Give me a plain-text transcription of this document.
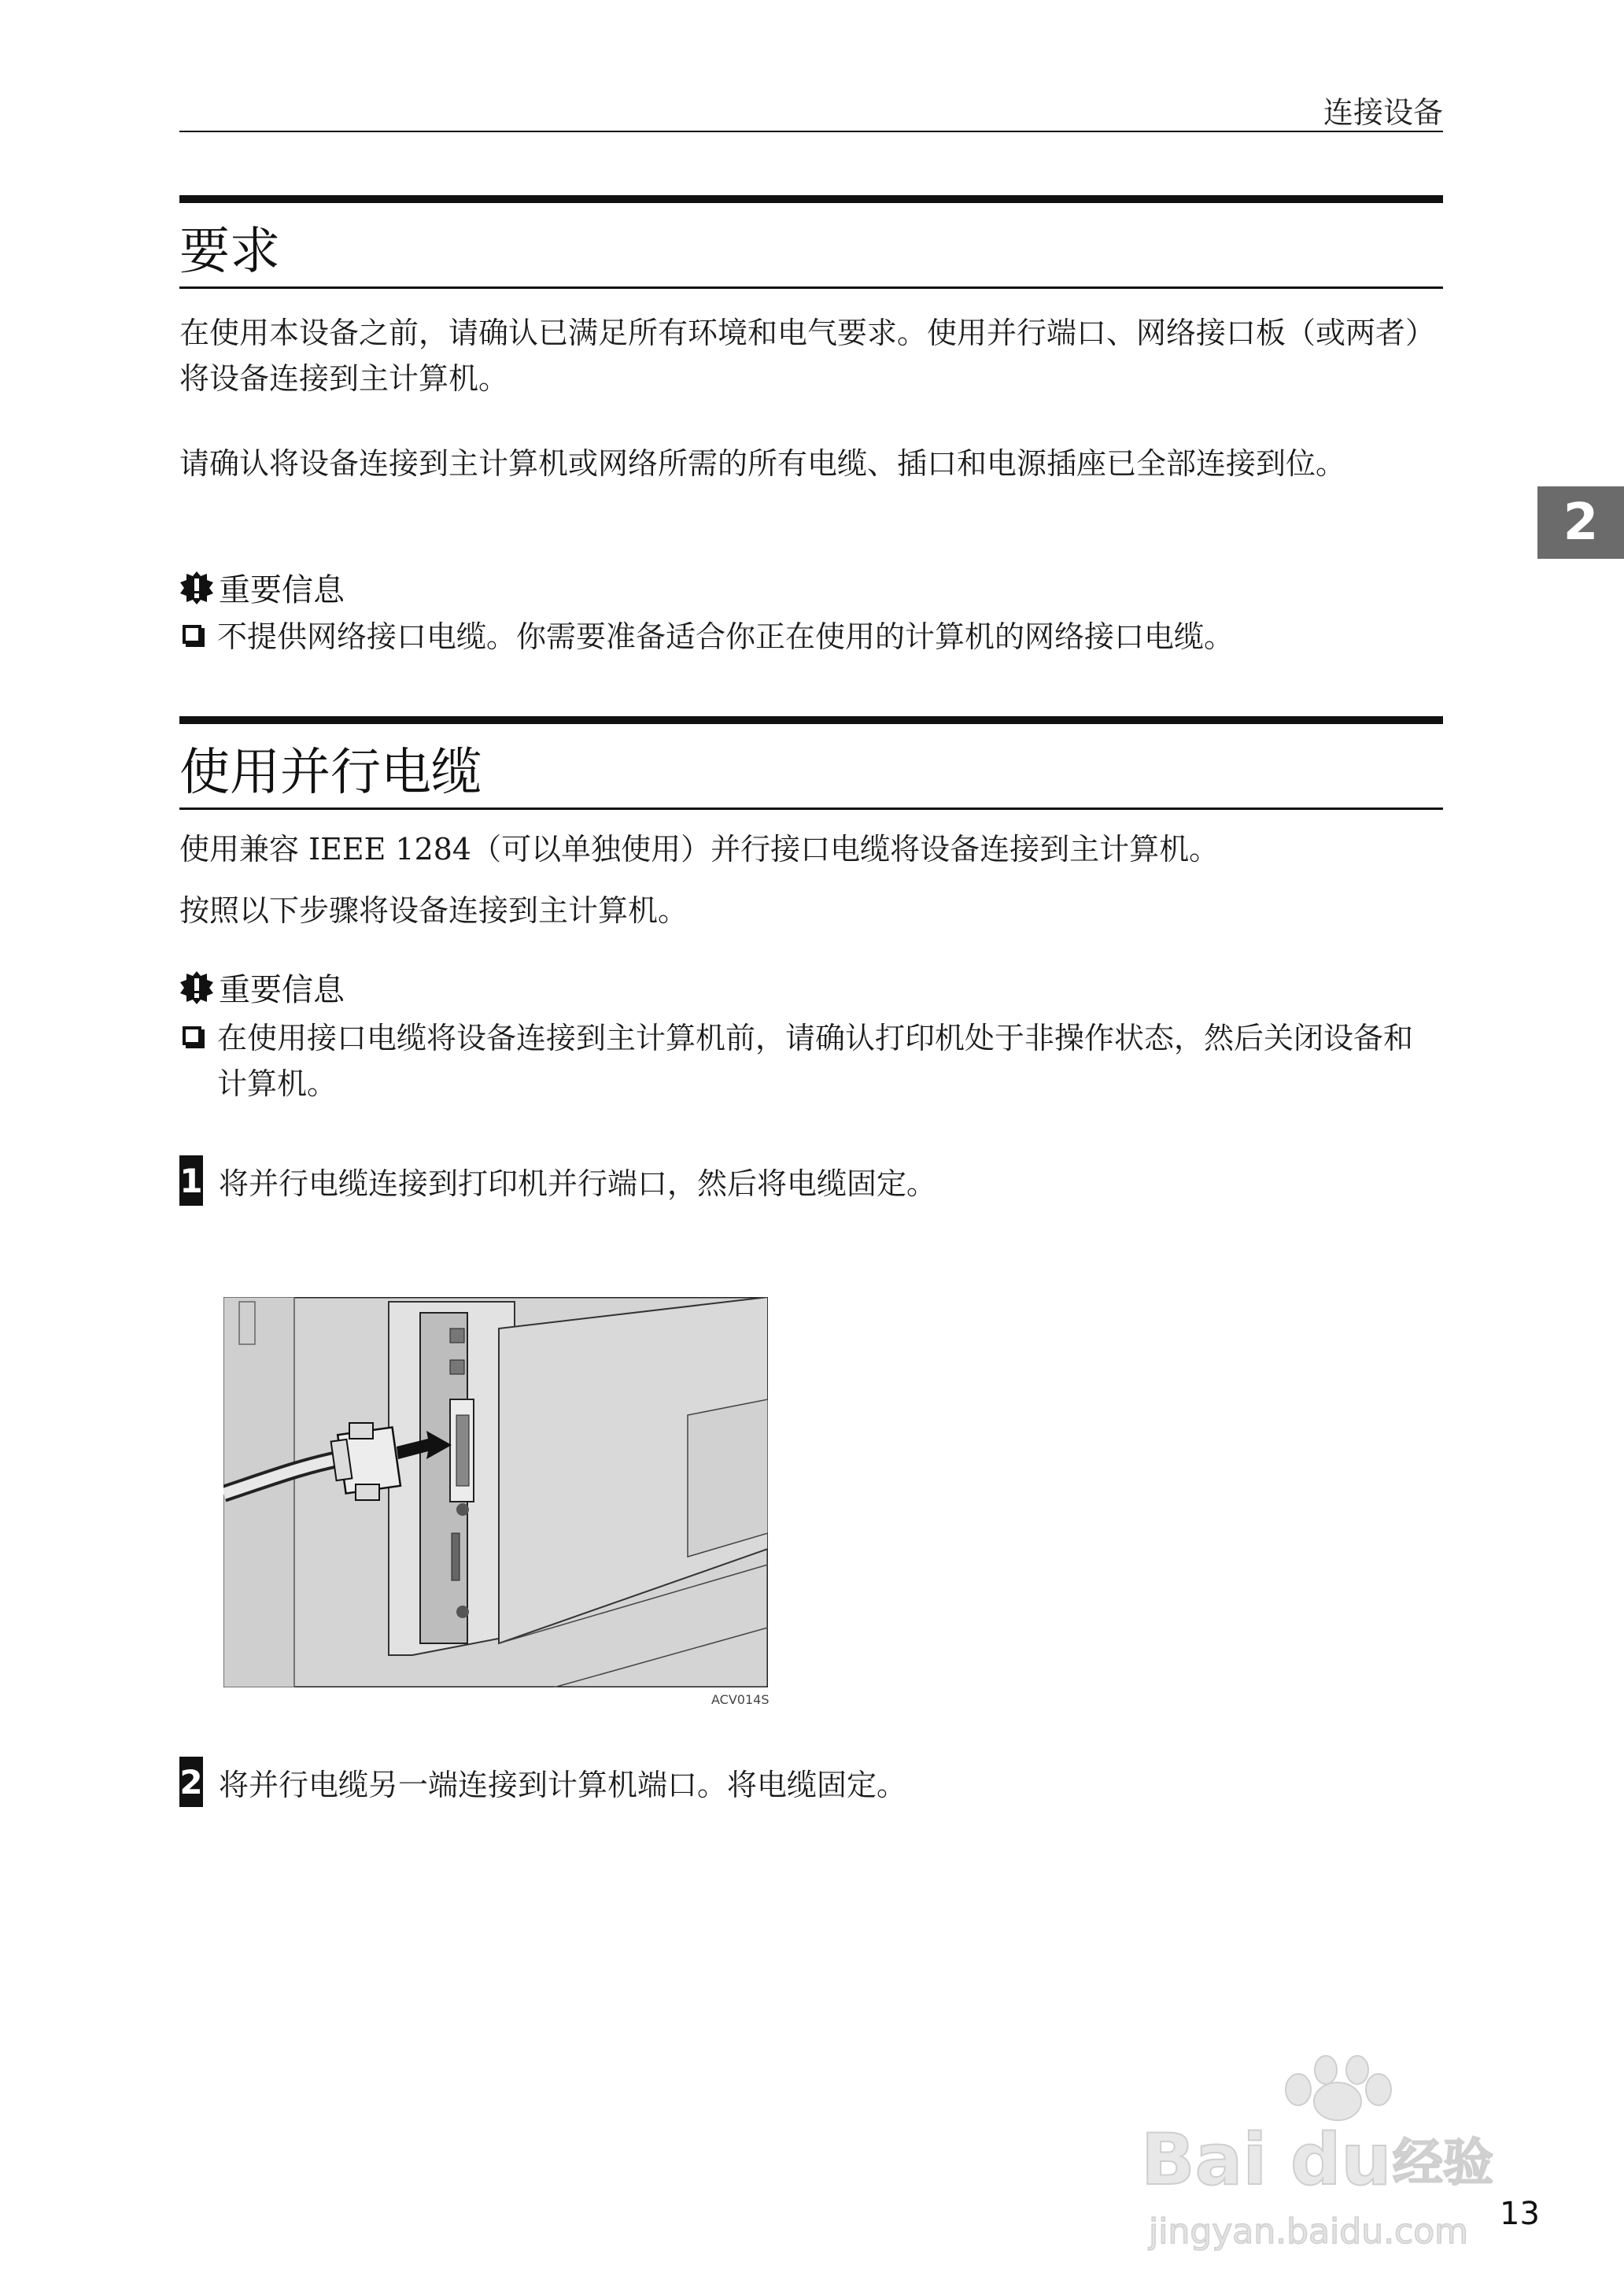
连接设备
2
要求

在使用本设备之前，请确认已满足所有环境和电气要求。使用并行端口、网络接口板（或两者）将设备连接到主计算机。

请确认将设备连接到主计算机或网络所需的所有电缆、插口和电源插座已全部连接到位。

重要信息
不提供网络接口电缆。你需要准备适合你正在使用的计算机的网络接口电缆。
使用并行电缆

使用兼容 IEEE 1284（可以单独使用）并行接口电缆将设备连接到主计算机。

按照以下步骤将设备连接到主计算机。

重要信息
在使用接口电缆将设备连接到主计算机前，请确认打印机处于非操作状态，然后关闭设备和计算机。
1 将并行电缆连接到打印机并行端口，然后将电缆固定。
ACV014S
2 将并行电缆另一端连接到计算机端口。将电缆固定。
Bai du 经验
jingyan.baidu.com 13
